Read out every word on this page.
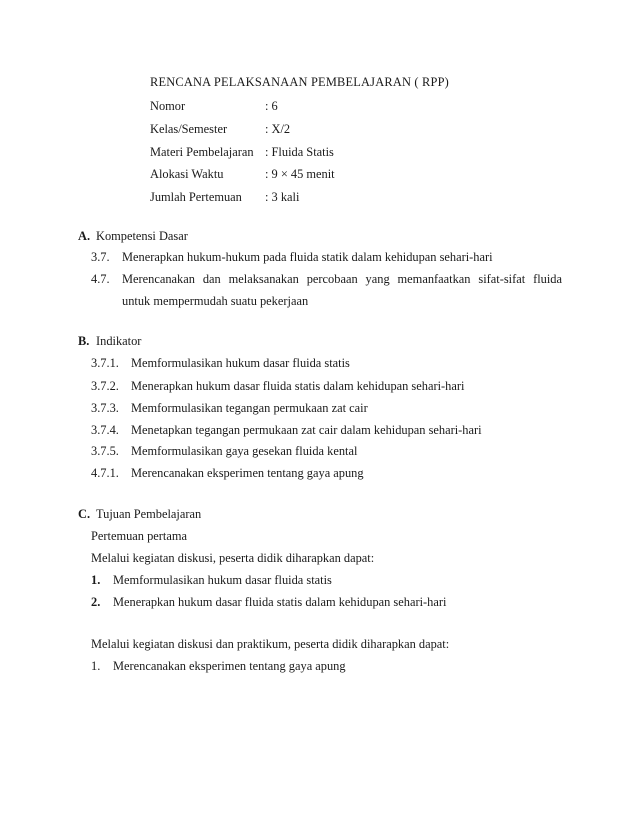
RENCANA PELAKSANAAN PEMBELAJARAN ( RPP)
Nomor	: 6
Kelas/Semester	: X/2
Materi Pembelajaran : Fluida Statis
Alokasi Waktu	: 9 × 45 menit
Jumlah Pertemuan : 3 kali
A. Kompetensi Dasar
3.7. Menerapkan hukum-hukum pada fluida statik dalam kehidupan sehari-hari
4.7. Merencanakan dan melaksanakan percobaan yang memanfaatkan sifat-sifat fluida
untuk mempermudah suatu pekerjaan
B. Indikator
3.7.1. Memformulasikan hukum dasar fluida statis
3.7.2. Menerapkan hukum dasar fluida statis dalam kehidupan sehari-hari
3.7.3. Memformulasikan tegangan permukaan zat cair
3.7.4. Menetapkan tegangan permukaan zat cair dalam kehidupan sehari-hari
3.7.5. Memformulasikan gaya gesekan fluida kental
4.7.1. Merencanakan eksperimen tentang gaya apung
C. Tujuan Pembelajaran
Pertemuan pertama
Melalui kegiatan diskusi, peserta didik diharapkan dapat:
1. Memformulasikan hukum dasar fluida statis
2. Menerapkan hukum dasar fluida statis dalam kehidupan sehari-hari
Melalui kegiatan diskusi dan praktikum, peserta didik diharapkan dapat:
1. Merencanakan eksperimen tentang gaya apung
